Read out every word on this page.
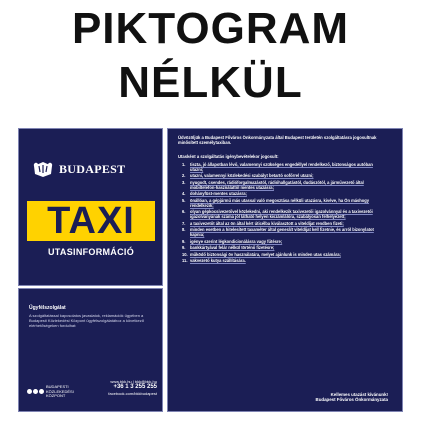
PIKTOGRAM
NÉLKÜL
BUDAPEST
TAXI
UTASINFORMÁCIÓ
Ügyfélszolgálat
A szolgáltatással kapcsolatos javaslatok, reklamációk ügyében a Budapesti Közlekedési Központ ügyfélszolgálatához a következő elérhetőségeken fordulhat:
BUDAPESTI KÖZLEKEDÉSI KÖZPONT
www.bkk.hu | bkk@bkk.hu
+36 1 3 255 255
facebook.com/bkkbudapest
Üdvözöljük a Budapest Főváros Önkormányzata által Budapest területén szolgáltatásra jogosultnak minősített személytaxiban.
Utasként a szolgáltatás igénybevételekor jogosult:
1.	tiszta, jó állapotban lévő, valamennyi szükséges engedéllyel rendelkező, biztonságos autóban utazni;
2.	utazni, valamennyi közlekedési szabályt betartó sofőrrel utazni;
3.	nyugodt, csendes, rádióforgalmazástól, rádióhallgatástól, dudászótól, a járművezető által mobiltelefon-használattól mentes utazásra;
4.	dohányfüst-mentes utazásra;
5.	önállóan, a gépjármű más utassal való megosztása nélküli utazásra, kivéve, ha Ön máshogy rendelkezik;
6.	olyan gépkocsivezetővel közlekedni, aki rendelkezik taxivezetői igazolvánnyal és a taxivezetői igazolványának száma jól látható helyen kiszámlálóra, szabályosan felhelyezett;
7.	a taxivezetőt által az ön által kért úticélba kiválasztott a viteldíjat rendben fizeti;
8.	minden esetben a hitelesített taxaméter által generált viteldíjat kell fizetnie, és arról bizonylatot kapnia;
9.	igénye szerint légkondicionálásra vagy fűtésre;
9.	bankkártyával felár nélkül történő fizetésre;
10. működő biztonsági öv használatára, melyet ajánlunk is minden utas számára;
11. vakvezető kutya szállítására.
Kellemes utazást kívánunk!
Budapest Főváros Önkormányzata
